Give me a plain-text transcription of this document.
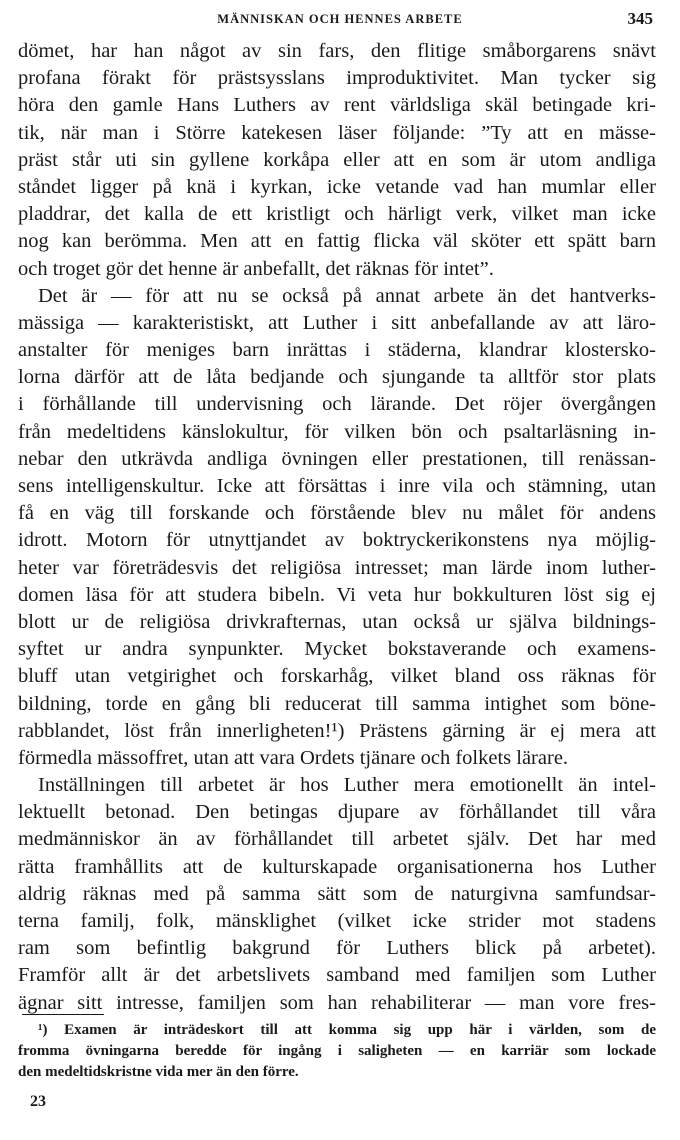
MÄNNISKAN OCH HENNES ARBETE	345
dömet, har han något av sin fars, den flitige småborgarens snävt
profana förakt för prästsysslans improduktivitet. Man tycker sig
höra den gamle Hans Luthers av rent världsliga skäl betingade kri-
tik, när man i Större katekesen läser följande: ”Ty att en mässe-
präst står uti sin gyllene korkåpa eller att en som är utom andliga
ståndet ligger på knä i kyrkan, icke vetande vad han mumlar eller
pladdrar, det kalla de ett kristligt och härligt verk, vilket man icke
nog kan berömma. Men att en fattig flicka väl sköter ett spätt barn
och troget gör det henne är anbefallt, det räknas för intet”.
Det är — för att nu se också på annat arbete än det hantverks-
mässiga — karakteristiskt, att Luther i sitt anbefallande av att läro-
anstalter för meniges barn inrättas i städerna, klandrar klostersko-
lorna därför att de låta bedjande och sjungande ta alltför stor plats
i förhållande till undervisning och lärande. Det röjer övergången
från medeltidens känslokultur, för vilken bön och psaltarläsning in-
nebar den utkrävda andliga övningen eller prestationen, till renässan-
sens intelligenskultur. Icke att försättas i inre vila och stämning, utan
få en väg till forskande och förstående blev nu målet för andens
idrott. Motorn för utnyttjandet av boktryckerikonstens nya möjlig-
heter var företrädesvis det religiösa intresset; man lärde inom luther-
domen läsa för att studera bibeln. Vi veta hur bokkulturen löst sig ej
blott ur de religiösa drivkrafternas, utan också ur själva bildnings-
syftet ur andra synpunkter. Mycket bokstaverande och examens-
bluff utan vetgirighet och forskarhåg, vilket bland oss räknas för
bildning, torde en gång bli reducerat till samma intighet som böne-
rabblandet, löst från innerligheten!¹) Prästens gärning är ej mera att
förmedla mässoffret, utan att vara Ordets tjänare och folkets lärare.
Inställningen till arbetet är hos Luther mera emotionellt än intel-
lektuellt betonad. Den betingas djupare av förhållandet till våra
medmänniskor än av förhållandet till arbetet själv. Det har med
rätta framhållits att de kulturskapade organisationerna hos Luther
aldrig räknas med på samma sätt som de naturgivna samfundsar-
terna familj, folk, mänsklighet (vilket icke strider mot stadens
ram som befintlig bakgrund för Luthers blick på arbetet).
Framför allt är det arbetslivets samband med familjen som Luther
ägnar sitt intresse, familjen som han rehabiliterar — man vore fres-
¹) Examen är inträdeskort till att komma sig upp här i världen, som de
fromma övningarna beredde för ingång i saligheten — en karriär som lockade
den medeltidskristne vida mer än den förre.
23
